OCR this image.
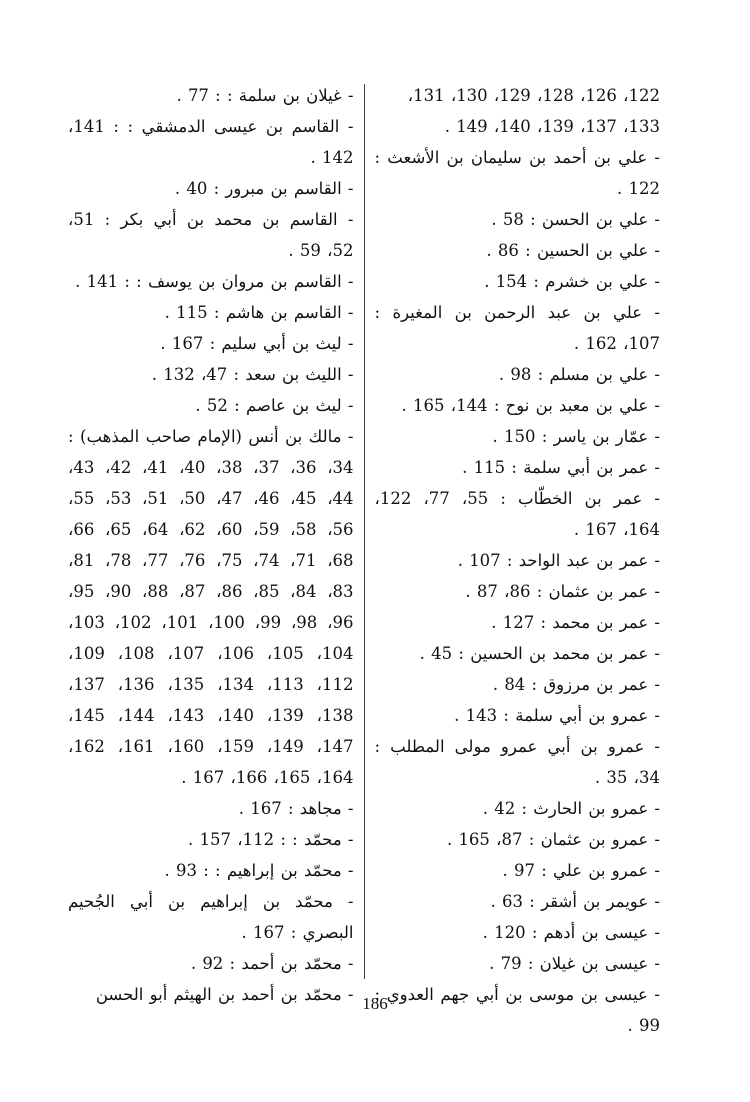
122، 126، 128، 129، 130، 131،
133، 137، 139، 140، 149 .
- علي بن أحمد بن سليمان بن الأشعث : 122 .
- علي بن الحسن : 58 .
- علي بن الحسين : 86 .
- علي بن خشرم : 154 .
- علي بن عبد الرحمن بن المغيرة : 107، 162 .
- علي بن مسلم : 98 .
- علي بن معبد بن نوح : 144، 165 .
- عمّار بن ياسر : 150 .
- عمر بن أبي سلمة : 115 .
- عمر بن الخطّاب : 55، 77، 122، 164، 167 .
- عمر بن عبد الواحد : 107 .
- عمر بن عثمان : 86، 87 .
- عمر بن محمد : 127 .
- عمر بن محمد بن الحسين : 45 .
- عمر بن مرزوق : 84 .
- عمرو بن أبي سلمة : 143 .
- عمرو بن أبي عمرو مولى المطلب : 34، 35 .
- عمرو بن الحارث : 42 .
- عمرو بن عثمان : 87، 165 .
- عمرو بن علي : 97 .
- عويمر بن أشقر : 63 .
- عيسى بن أدهم : 120 .
- عيسى بن غيلان : 79 .
- عيسى بن موسى بن أبي جهم العدوي : 99 .
- غيلان بن سلمة : : 77 .
- القاسم بن عيسى الدمشقي : : 141، 142 .
- القاسم بن مبرور : 40 .
- القاسم بن محمد بن أبي بكر : 51، 52، 59 .
- القاسم بن مروان بن يوسف : : 141 .
- القاسم بن هاشم : 115 .
- ليث بن أبي سليم : 167 .
- الليث بن سعد : 47، 132 .
- ليث بن عاصم : 52 .
- مالك بن أنس (الإمام صاحب المذهب) : 34، 36، 37، 38، 40، 41، 42، 43، 44، 45، 46، 47، 50، 51، 53، 55، 56، 58، 59، 60، 62، 64، 65، 66، 68، 71، 74، 75، 76، 77، 78، 81، 83، 84، 85، 86، 87، 88، 90، 95، 96، 98، 99، 100، 101، 102، 103، 104، 105، 106، 107، 108، 109، 112، 113، 134، 135، 136، 137، 138، 139، 140، 143، 144، 145، 147، 149، 159، 160، 161، 162، 164، 165، 166، 167 .
- مجاهد : 167 .
- محمّد : : 112، 157 .
- محمّد بن إبراهيم : : 93 .
- محمّد بن إبراهيم بن أبي الجُحيم البصري : 167 .
- محمّد بن أحمد : 92 .
- محمّد بن أحمد بن الهيثم أبو الحسن 186
